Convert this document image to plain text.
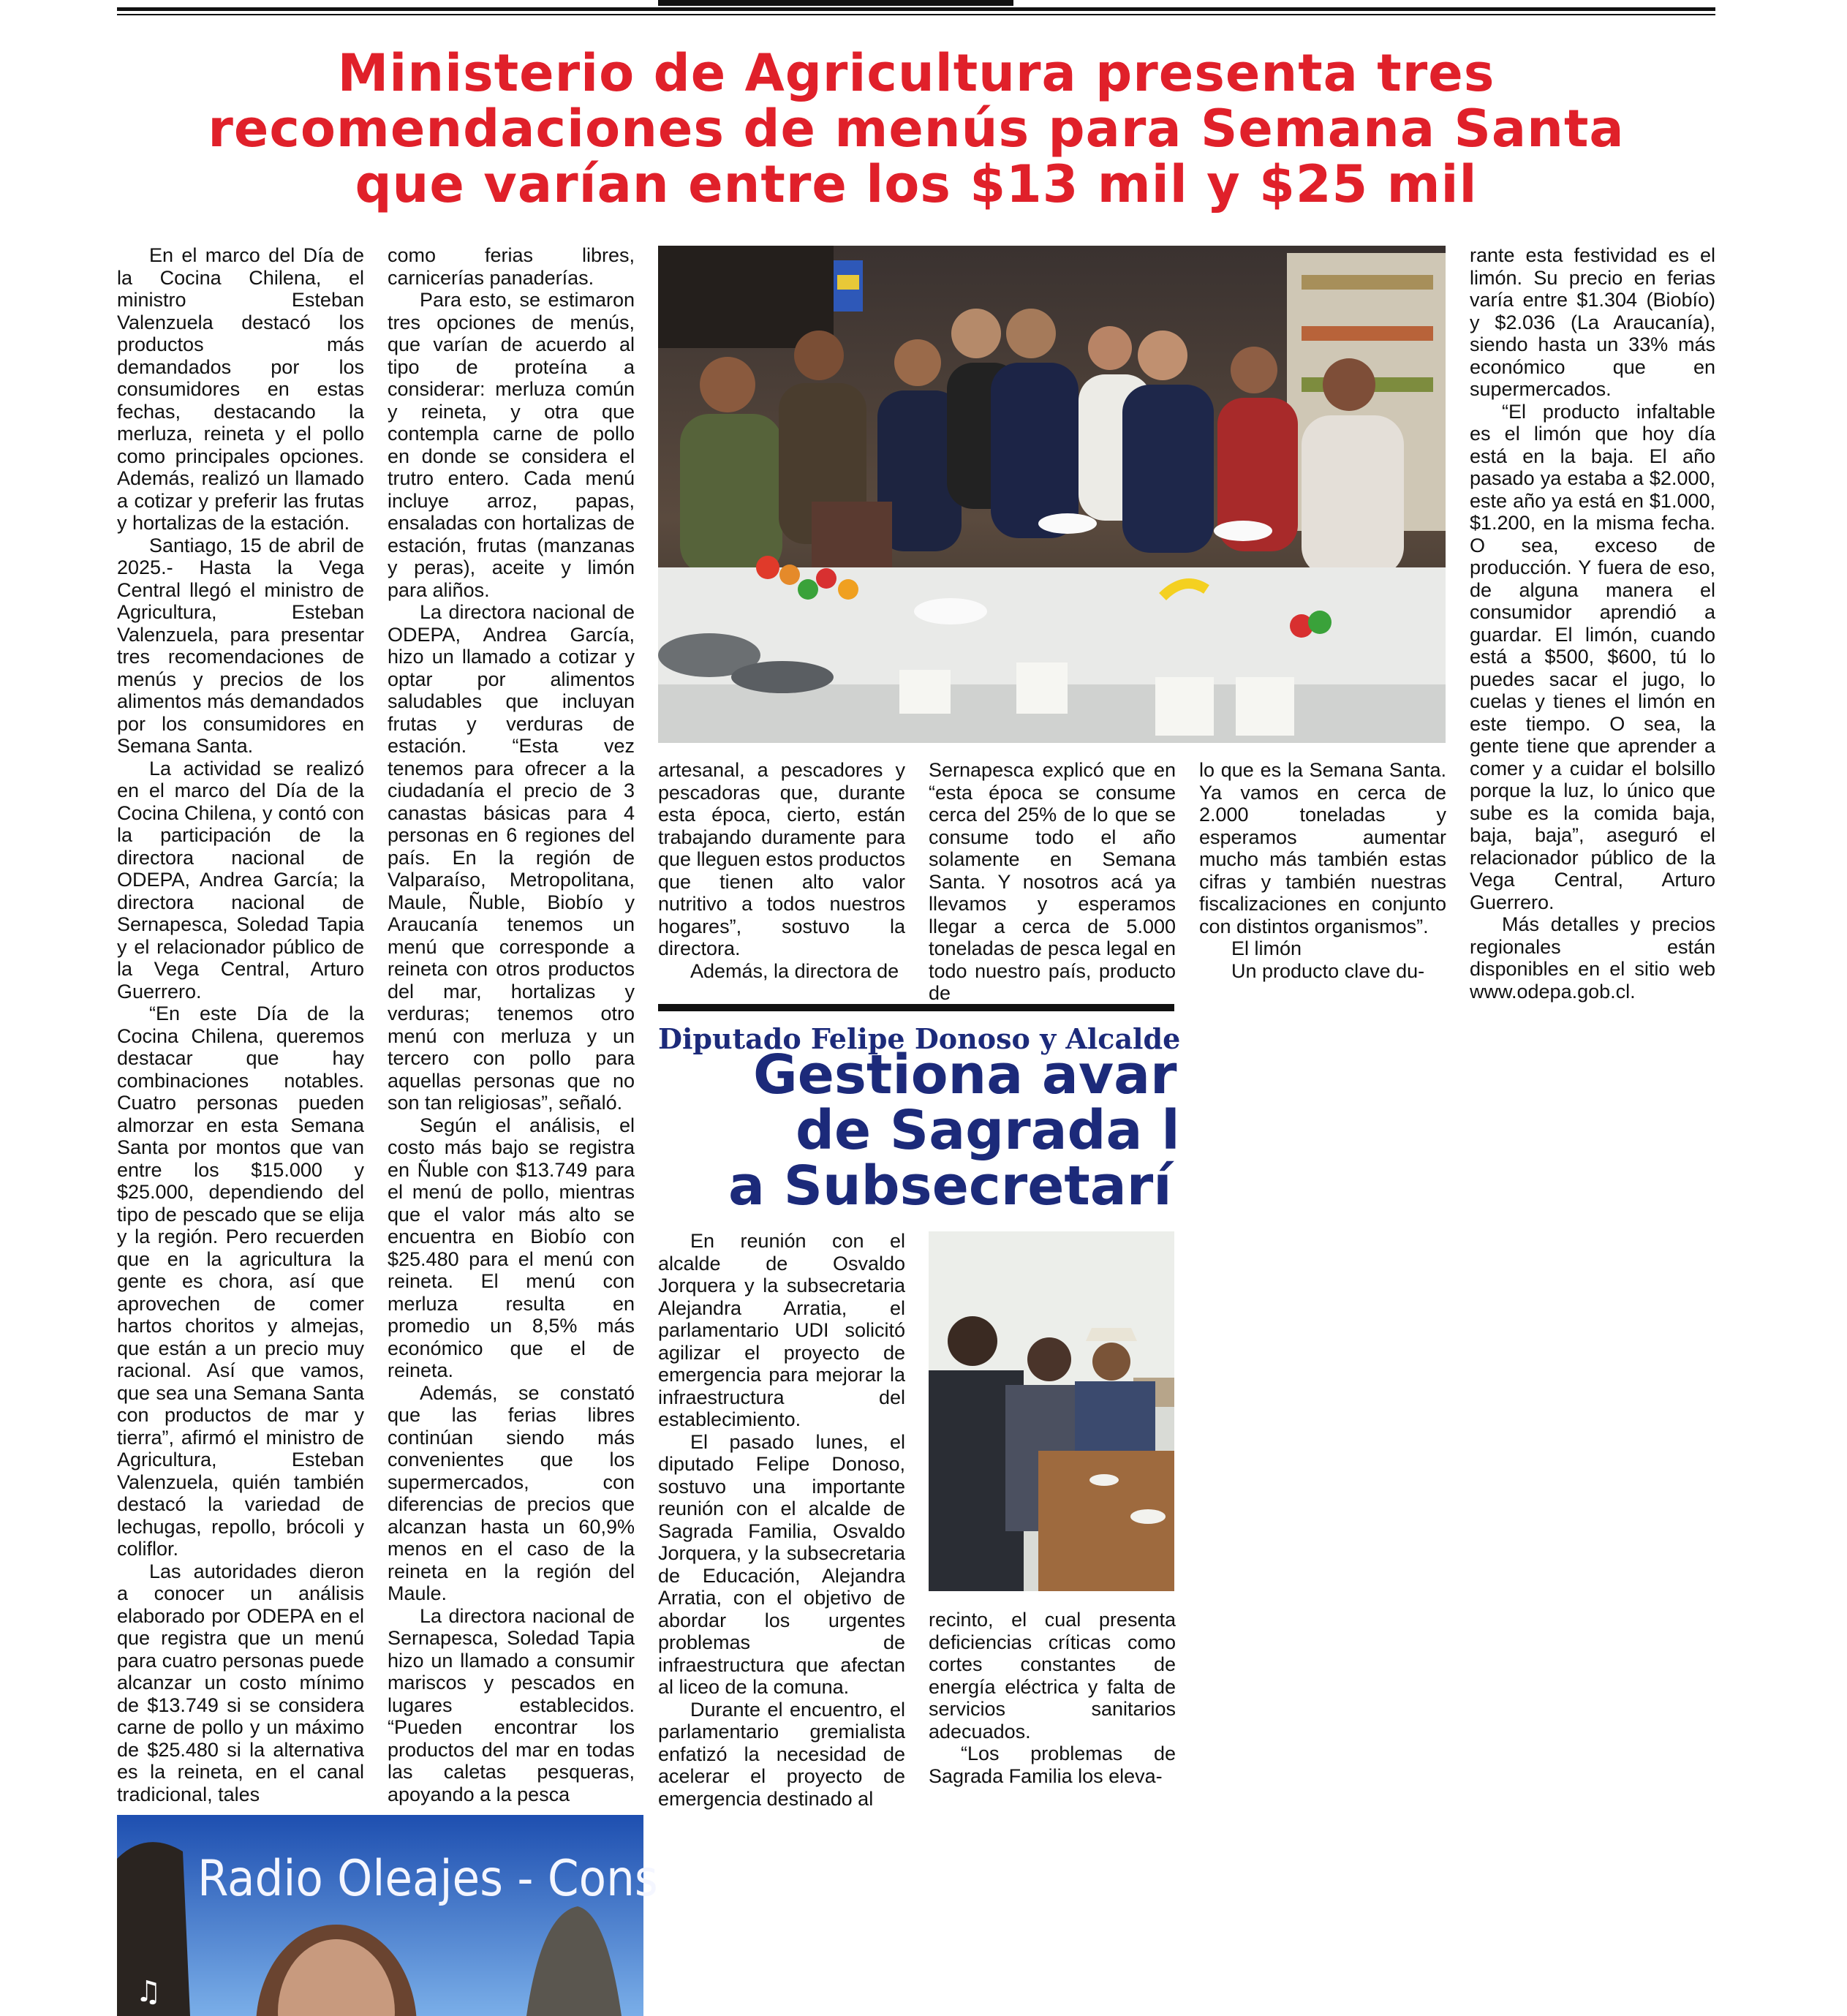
Ministerio de Agricultura presenta tres
recomendaciones de menús para Semana Santa
que varían entre los $13 mil y $25 mil

En el marco del Día de la Cocina Chilena, el ministro Esteban Valenzuela destacó los productos más demandados por los consumidores en estas fechas, destacando la merluza, reineta y el pollo como principales opciones. Además, realizó un llamado a cotizar y preferir las frutas y hortalizas de la estación.

Santiago, 15 de abril de 2025.- Hasta la Vega Central llegó el ministro de Agricultura, Esteban Valenzuela, para presentar tres recomendaciones de menús y precios de los alimentos más demandados por los consumidores en Semana Santa.

La actividad se realizó en el marco del Día de la Cocina Chilena, y contó con la participación de la directora nacional de ODEPA, Andrea García; la directora nacional de Sernapesca, Soledad Tapia y el relacionador público de la Vega Central, Arturo Guerrero.

“En este Día de la Cocina Chilena, queremos destacar que hay combinaciones notables. Cuatro personas pueden almorzar en esta Semana Santa por montos que van entre los $15.000 y $25.000, dependiendo del tipo de pescado que se elija y la región. Pero recuerden que en la agricultura la gente es chora, así que aprovechen de comer hartos choritos y almejas, que están a un precio muy racional. Así que vamos, que sea una Semana Santa con productos de mar y tierra”, afirmó el ministro de Agricultura, Esteban Valenzuela, quién también destacó la variedad de lechugas, repollo, brócoli y coliflor.

Las autoridades dieron a conocer un análisis elaborado por ODEPA en el que registra que un menú para cuatro personas puede alcanzar un costo mínimo de $13.749 si se considera carne de pollo y un máximo de $25.480 si la alternativa es la reineta, en el canal tradicional, tales

como ferias libres, carnicerías panaderías.

Para esto, se estimaron tres opciones de menús, que varían de acuerdo al tipo de proteína a considerar: merluza común y reineta, y otra que contempla carne de pollo en donde se considera el trutro entero. Cada menú incluye arroz, papas, ensaladas con hortalizas de estación, frutas (manzanas y peras), aceite y limón para aliños.

La directora nacional de ODEPA, Andrea García, hizo un llamado a cotizar y optar por alimentos saludables que incluyan frutas y verduras de estación. “Esta vez tenemos para ofrecer a la ciudadanía el precio de 3 canastas básicas para 4 personas en 6 regiones del país. En la región de Valparaíso, Metropolitana, Maule, Ñuble, Biobío y Araucanía tenemos un menú que corresponde a reineta con otros productos del mar, hortalizas y verduras; tenemos otro menú con merluza y un tercero con pollo para aquellas personas que no son tan religiosas”, señaló.

Según el análisis, el costo más bajo se registra en Ñuble con $13.749 para el menú de pollo, mientras que el valor más alto se encuentra en Biobío con $25.480 para el menú con reineta. El menú con merluza resulta en promedio un 8,5% más económico que el de reineta.

Además, se constató que las ferias libres continúan siendo más convenientes que los supermercados, con diferencias de precios que alcanzan hasta un 60,9% menos en el caso de la reineta en la región del Maule.

La directora nacional de Sernapesca, Soledad Tapia hizo un llamado a consumir mariscos y pescados en lugares establecidos. “Pueden encontrar los productos del mar en todas las caletas pesqueras, apoyando a la pesca

artesanal, a pescadores y pescadoras que, durante esta época, cierto, están trabajando duramente para que lleguen estos productos que tienen alto valor nutritivo a todos nuestros hogares”, sostuvo la directora.

Además, la directora de

Sernapesca explicó que en “esta época se consume cerca del 25% de lo que se consume todo el año solamente en Semana Santa. Y nosotros acá ya llevamos y esperamos llegar a cerca de 5.000 toneladas de pesca legal en todo nuestro país, producto de

lo que es la Semana Santa. Ya vamos en cerca de 2.000 toneladas y esperamos aumentar mucho más también estas cifras y también nuestras fiscalizaciones en conjunto con distintos organismos”.

El limón

Un producto clave du-

rante esta festividad es el limón. Su precio en ferias varía entre $1.304 (Biobío) y $2.036 (La Araucanía), siendo hasta un 33% más económico que en supermercados.

“El producto infaltable es el limón que hoy día está en la baja. El año pasado ya estaba a $2.000, este año ya está en $1.000, $1.200, en la misma fecha. O sea, exceso de producción. Y fuera de eso, de alguna manera el consumidor aprendió a guardar. El limón, cuando está a $500, $600, tú lo puedes sacar el jugo, lo cuelas y tienes el limón en este tiempo. O sea, la gente tiene que aprender a comer y a cuidar el bolsillo porque la luz, lo único que sube es la comida baja, baja, baja”, aseguró el relacionador público de la Vega Central, Arturo Guerrero.

Más detalles y precios regionales están disponibles en el sitio web www.odepa.gob.cl.

Diputado Felipe Donoso y Alcalde
Gestiona avar
de Sagrada l
a Subsecretarí

En reunión con el alcalde de Osvaldo Jorquera y la subsecretaria Alejandra Arratia, el parlamentario UDI solicitó agilizar el proyecto de emergencia para mejorar la infraestructura del establecimiento.

El pasado lunes, el diputado Felipe Donoso, sostuvo una importante reunión con el alcalde de Sagrada Familia, Osvaldo Jorquera, y la subsecretaria de Educación, Alejandra Arratia, con el objetivo de abordar los urgentes problemas de infraestructura que afectan al liceo de la comuna.

Durante el encuentro, el parlamentario gremialista enfatizó la necesidad de acelerar el proyecto de emergencia destinado al

recinto, el cual presenta deficiencias críticas como cortes constantes de energía eléctrica y falta de servicios sanitarios adecuados.

“Los problemas de Sagrada Familia los eleva-

♫
Radio Oleajes - Cons
